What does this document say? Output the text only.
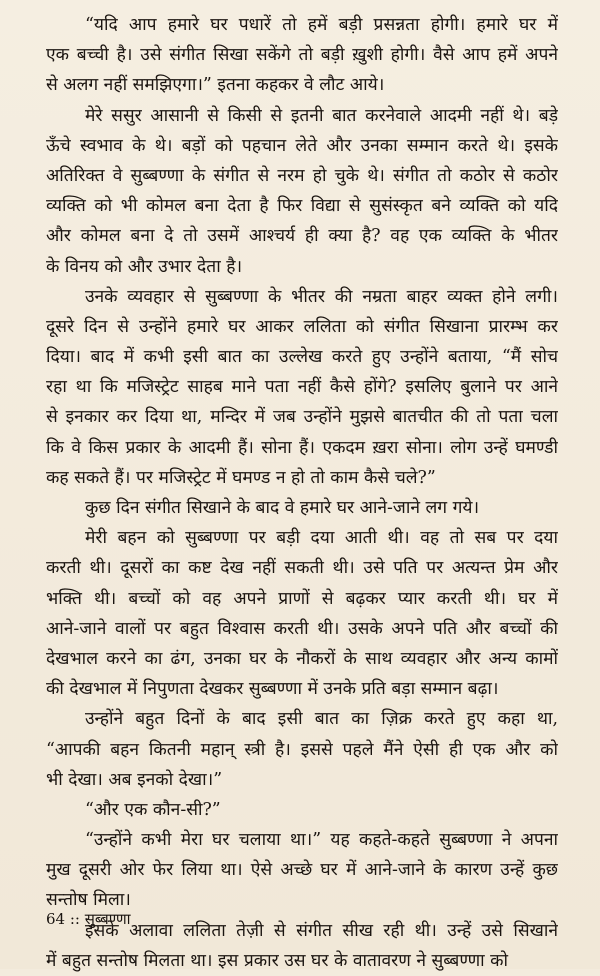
“यदि आप हमारे घर पधारें तो हमें बड़ी प्रसन्नता होगी। हमारे घर में
एक बच्ची है। उसे संगीत सिखा सकेंगे तो बड़ी ख़ुशी होगी। वैसे आप हमें अपने
से अलग नहीं समझिएगा।” इतना कहकर वे लौट आये।
मेरे ससुर आसानी से किसी से इतनी बात करनेवाले आदमी नहीं थे। बड़े
ऊँचे स्वभाव के थे। बड़ों को पहचान लेते और उनका सम्मान करते थे। इसके
अतिरिक्त वे सुब्बण्णा के संगीत से नरम हो चुके थे। संगीत तो कठोर से कठोर
व्यक्ति को भी कोमल बना देता है फिर विद्या से सुसंस्कृत बने व्यक्ति को यदि
और कोमल बना दे तो उसमें आश्चर्य ही क्या है? वह एक व्यक्ति के भीतर
के विनय को और उभार देता है।
उनके व्यवहार से सुब्बण्णा के भीतर की नम्रता बाहर व्यक्त होने लगी।
दूसरे दिन से उन्होंने हमारे घर आकर ललिता को संगीत सिखाना प्रारम्भ कर
दिया। बाद में कभी इसी बात का उल्लेख करते हुए उन्होंने बताया, “मैं सोच
रहा था कि मजिस्ट्रेट साहब माने पता नहीं कैसे होंगे? इसलिए बुलाने पर आने
से इनकार कर दिया था, मन्दिर में जब उन्होंने मुझसे बातचीत की तो पता चला
कि वे किस प्रकार के आदमी हैं। सोना हैं। एकदम ख़रा सोना। लोग उन्हें घमण्डी
कह सकते हैं। पर मजिस्ट्रेट में घमण्ड न हो तो काम कैसे चले?”
कुछ दिन संगीत सिखाने के बाद वे हमारे घर आने-जाने लग गये।
मेरी बहन को सुब्बण्णा पर बड़ी दया आती थी। वह तो सब पर दया
करती थी। दूसरों का कष्ट देख नहीं सकती थी। उसे पति पर अत्यन्त प्रेम और
भक्ति थी। बच्चों को वह अपने प्राणों से बढ़कर प्यार करती थी। घर में
आने-जाने वालों पर बहुत विश्वास करती थी। उसके अपने पति और बच्चों की
देखभाल करने का ढंग, उनका घर के नौकरों के साथ व्यवहार और अन्य कामों
की देखभाल में निपुणता देखकर सुब्बण्णा में उनके प्रति बड़ा सम्मान बढ़ा।
उन्होंने बहुत दिनों के बाद इसी बात का ज़िक्र करते हुए कहा था,
“आपकी बहन कितनी महान् स्त्री है। इससे पहले मैंने ऐसी ही एक और को
भी देखा। अब इनको देखा।”
“और एक कौन-सी?”
“उन्होंने कभी मेरा घर चलाया था।” यह कहते-कहते सुब्बण्णा ने अपना
मुख दूसरी ओर फेर लिया था। ऐसे अच्छे घर में आने-जाने के कारण उन्हें कुछ
सन्तोष मिला।
इसके अलावा ललिता तेज़ी से संगीत सीख रही थी। उन्हें उसे सिखाने
में बहुत सन्तोष मिलता था। इस प्रकार उस घर के वातावरण ने सुब्बण्णा को
64 :: सुब्बण्णा
